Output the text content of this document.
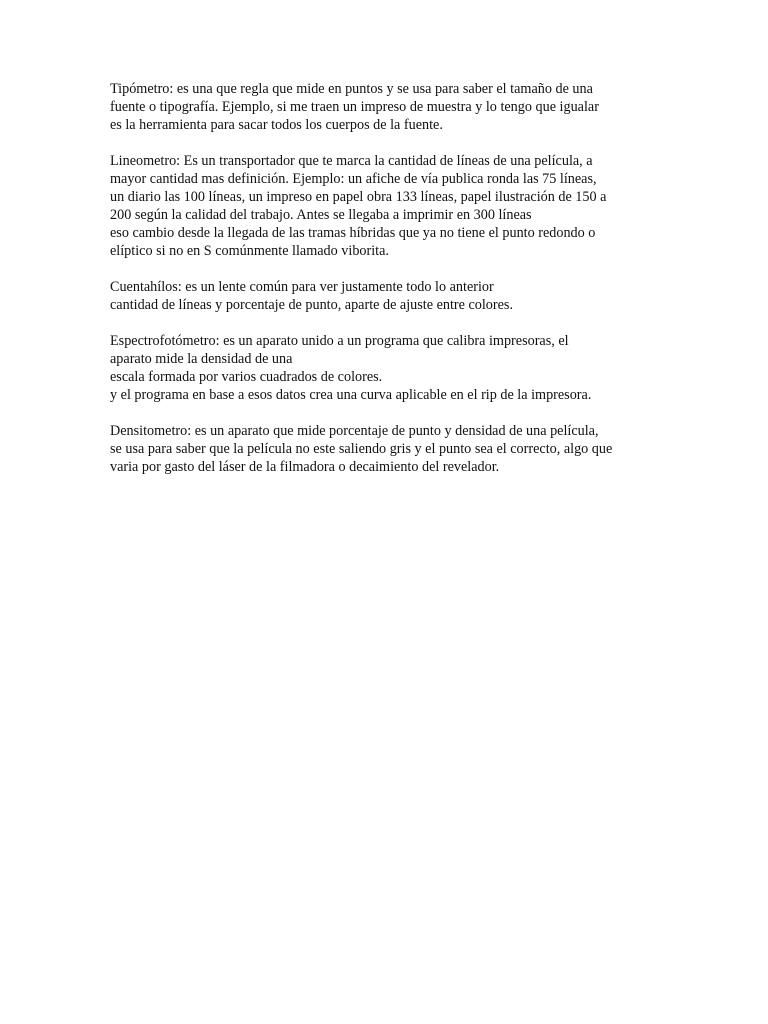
Tipómetro: es una que regla que mide en puntos y se usa para saber el tamaño de una
fuente o tipografía. Ejemplo, si me traen un impreso de muestra y lo tengo que igualar
es la herramienta para sacar todos los cuerpos de la fuente.

Lineometro: Es un transportador que te marca la cantidad de líneas de una película, a
mayor cantidad mas definición. Ejemplo: un afiche de vía publica ronda las 75 líneas,
un diario las 100 líneas, un impreso en papel obra 133 líneas, papel ilustración de 150 a
200 según la calidad del trabajo. Antes se llegaba a imprimir en 300 líneas
eso cambio desde la llegada de las tramas híbridas que ya no tiene el punto redondo o
elíptico si no en S comúnmente llamado viborita.

Cuentahílos: es un lente común para ver justamente todo lo anterior
cantidad de líneas y porcentaje de punto, aparte de ajuste entre colores.

Espectrofotómetro: es un aparato unido a un programa que calibra impresoras, el
aparato mide la densidad de una
escala formada por varios cuadrados de colores.
y el programa en base a esos datos crea una curva aplicable en el rip de la impresora.

Densitometro: es un aparato que mide porcentaje de punto y densidad de una película,
se usa para saber que la película no este saliendo gris y el punto sea el correcto, algo que
varia por gasto del láser de la filmadora o decaimiento del revelador.
